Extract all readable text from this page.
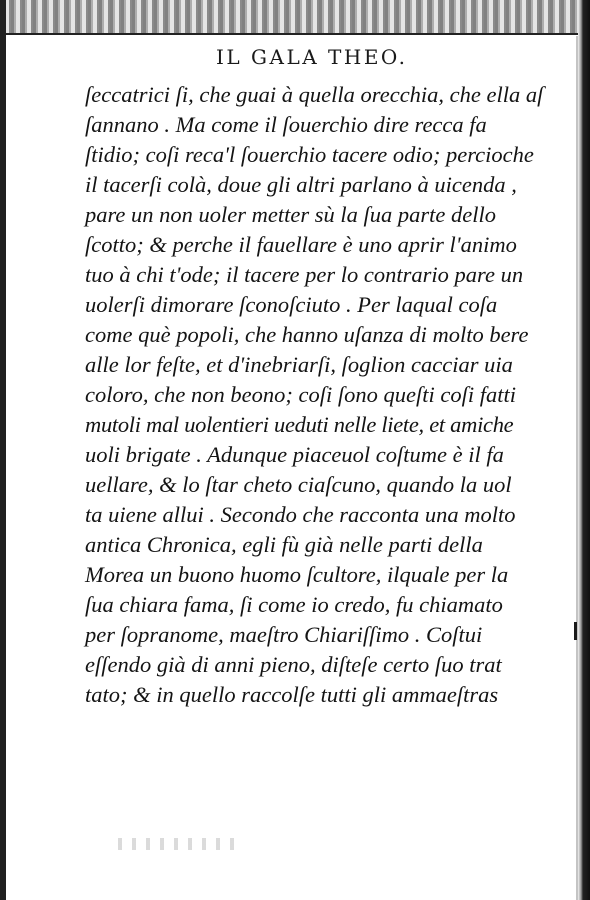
IL GALA THEO.
ſeccatrici ſi, che guai à quella orecchia, che ella aſ
ſannano . Ma come il ſouerchio dire recca fa
ſtidio; coſi reca'l ſouerchio tacere odio; percioche
il tacerſi colà, doue gli altri parlano à uicenda ,
pare un non uoler metter sù la ſua parte dello
ſcotto; & perche il fauellare è uno aprir l'animo
tuo à chi t'ode; il tacere per lo contrario pare un
uolerſi dimorare ſconoſciuto . Per laqual coſa
come què popoli, che hanno uſanza di molto bere
alle lor feſte, et d'inebriarſi, ſoglion cacciar uia
coloro, che non beono; coſi ſono queſti coſi fatti
mutoli mal uolentieri ueduti nelle liete, et amiche
uoli brigate . Adunque piaceuol coſtume è il fa
uellare, & lo ſtar cheto ciaſcuno, quando la uol
ta uiene allui . Secondo che racconta una molto
antica Chronica, egli fù già nelle parti della
Morea un buono huomo ſcultore, ilquale per la
ſua chiara fama, ſi come io credo, fu chiamato
per ſopranome, maeſtro Chiariſſimo . Coſtui
eſſendo già di anni pieno, diſteſe certo ſuo trat
tato; & in quello raccolſe tutti gli ammaeſtras
